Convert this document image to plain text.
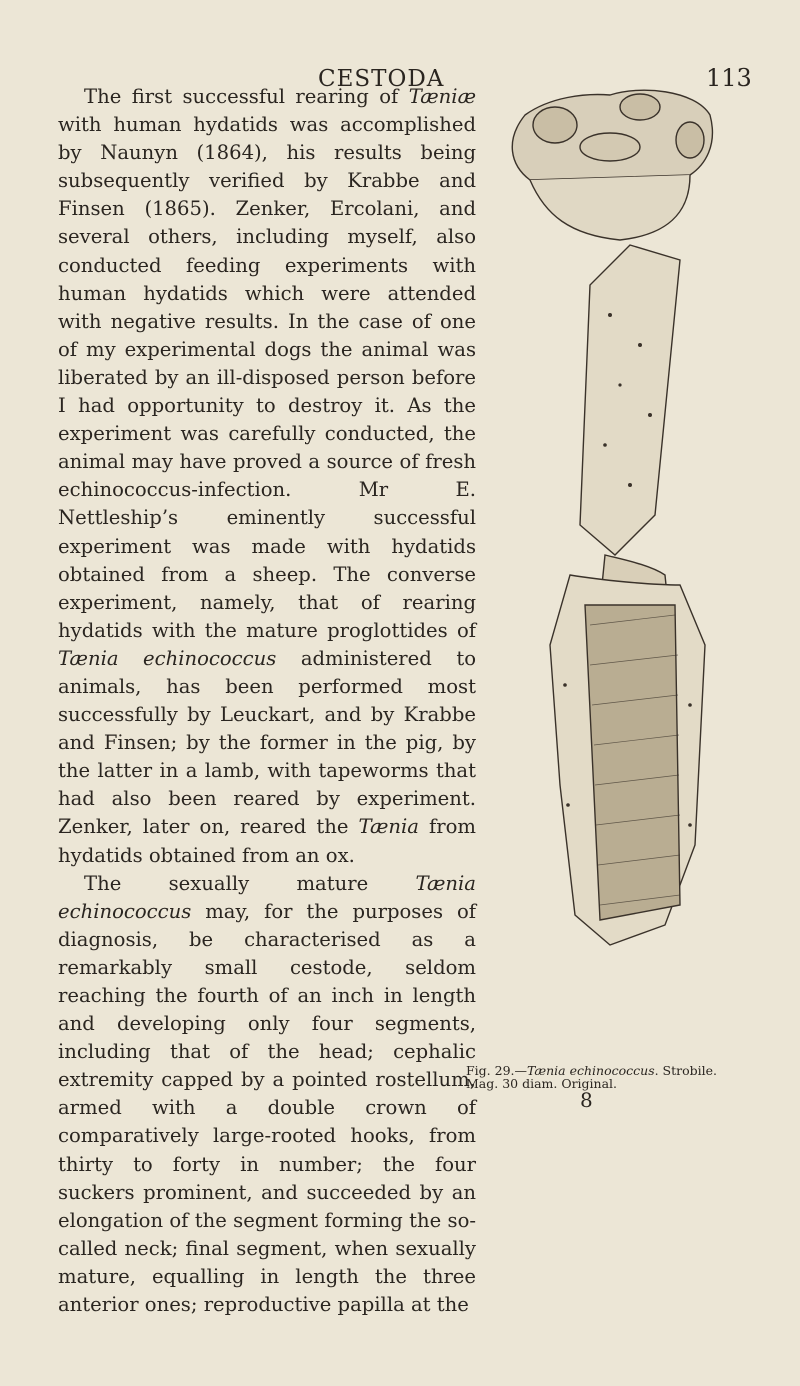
CESTODA	113

The first successful rearing of Tæniæ with human hydatids was accomplished by Naunyn (1864), his results being subsequently verified by Krabbe and Finsen (1865). Zenker, Ercolani, and several others, including myself, also conducted feeding experiments with human hydatids which were attended with negative results. In the case of one of my experimental dogs the animal was liberated by an ill-disposed person before I had opportunity to destroy it. As the experiment was carefully conducted, the animal may have proved a source of fresh echinococcus-infection. Mr E. Nettleship’s eminently successful experiment was made with hydatids obtained from a sheep. The converse experiment, namely, that of rearing hydatids with the mature proglottides of Tænia echinococcus administered to animals, has been performed most successfully by Leuckart, and by Krabbe and Finsen; by the former in the pig, by the latter in a lamb, with tapeworms that had also been reared by experiment. Zenker, later on, reared the Tænia from hydatids obtained from an ox.

The sexually mature Tænia echinococcus may, for the purposes of diagnosis, be characterised as a remarkably small cestode, seldom reaching the fourth of an inch in length and developing only four segments, including that of the head; cephalic extremity capped by a pointed rostellum, armed with a double crown of comparatively large-rooted hooks, from thirty to forty in number; the four suckers prominent, and succeeded by an elongation of the segment forming the so-called neck; final segment, when sexually mature, equalling in length the three anterior ones; reproductive papilla at the

Fig. 29.—Tænia echinococcus. Strobile. Mag. 30 diam. Original.
8
